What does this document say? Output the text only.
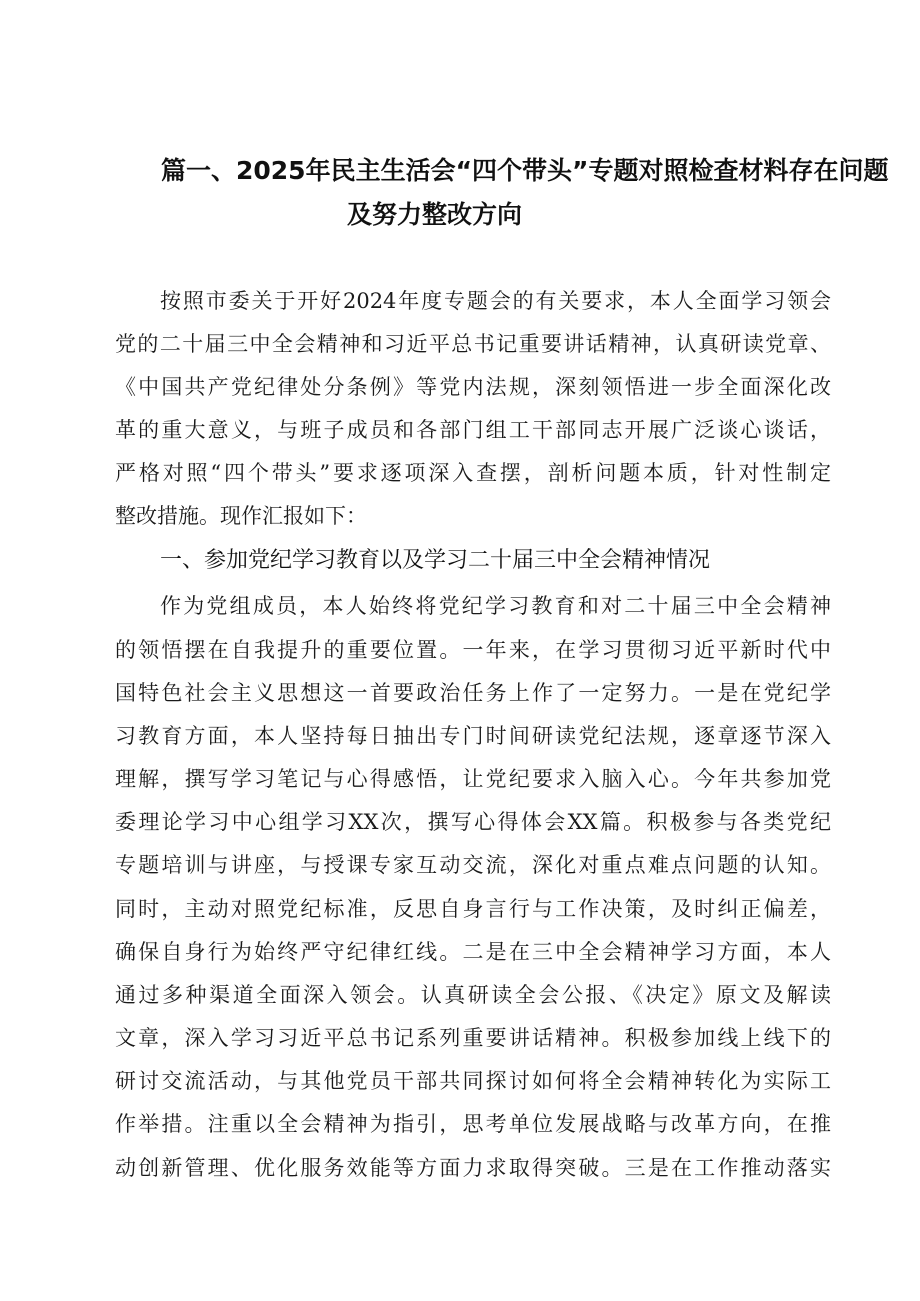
篇一、2025年民主生活会“四个带头”专题对照检查材料存在问题
及努力整改方向
按照市委关于开好2024年度专题会的有关要求，本人全面学习领会
党的二十届三中全会精神和习近平总书记重要讲话精神，认真研读党章、
《中国共产党纪律处分条例》等党内法规，深刻领悟进一步全面深化改
革的重大意义，与班子成员和各部门组工干部同志开展广泛谈心谈话，
严格对照“四个带头”要求逐项深入查摆，剖析问题本质，针对性制定
整改措施。现作汇报如下：
一、参加党纪学习教育以及学习二十届三中全会精神情况
作为党组成员，本人始终将党纪学习教育和对二十届三中全会精神
的领悟摆在自我提升的重要位置。一年来，在学习贯彻习近平新时代中
国特色社会主义思想这一首要政治任务上作了一定努力。一是在党纪学
习教育方面，本人坚持每日抽出专门时间研读党纪法规，逐章逐节深入
理解，撰写学习笔记与心得感悟，让党纪要求入脑入心。今年共参加党
委理论学习中心组学习XX次，撰写心得体会XX篇。积极参与各类党纪
专题培训与讲座，与授课专家互动交流，深化对重点难点问题的认知。
同时，主动对照党纪标准，反思自身言行与工作决策，及时纠正偏差，
确保自身行为始终严守纪律红线。二是在三中全会精神学习方面，本人
通过多种渠道全面深入领会。认真研读全会公报、《决定》原文及解读
文章，深入学习习近平总书记系列重要讲话精神。积极参加线上线下的
研讨交流活动，与其他党员干部共同探讨如何将全会精神转化为实际工
作举措。注重以全会精神为指引，思考单位发展战略与改革方向，在推
动创新管理、优化服务效能等方面力求取得突破。三是在工作推动落实
